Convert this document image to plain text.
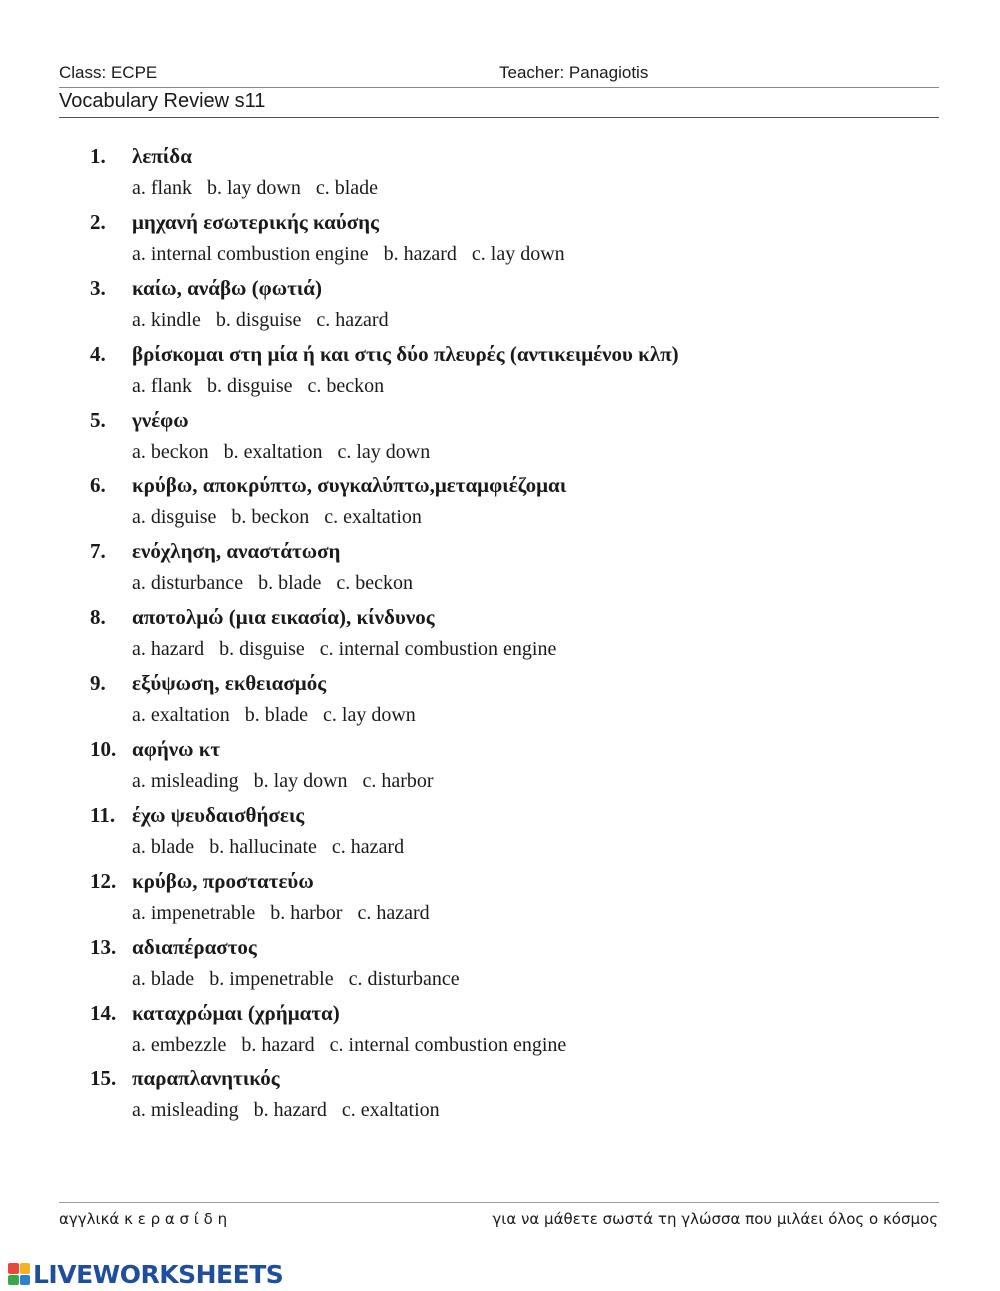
Class: ECPE	Teacher: Panagiotis
Vocabulary Review s11
1. λεπίδα
a. flank   b. lay down   c. blade
2. μηχανή εσωτερικής καύσης
a. internal combustion engine   b. hazard   c. lay down
3. καίω, ανάβω (φωτιά)
a. kindle   b. disguise   c. hazard
4. βρίσκομαι στη μία ή και στις δύο πλευρές (αντικειμένου κλπ)
a. flank   b. disguise   c. beckon
5. γνέφω
a. beckon   b. exaltation   c. lay down
6. κρύβω, αποκρύπτω, συγκαλύπτω,μεταμφιέζομαι
a. disguise   b. beckon   c. exaltation
7. ενόχληση, αναστάτωση
a. disturbance   b. blade   c. beckon
8. αποτολμώ (μια εικασία), κίνδυνος
a. hazard   b. disguise   c. internal combustion engine
9. εξύψωση, εκθειασμός
a. exaltation   b. blade   c. lay down
10. αφήνω κτ
a. misleading   b. lay down   c. harbor
11. έχω ψευδαισθήσεις
a. blade   b. hallucinate   c. hazard
12. κρύβω, προστατεύω
a. impenetrable   b. harbor   c. hazard
13. αδιαπέραστος
a. blade   b. impenetrable   c. disturbance
14. καταχρώμαι (χρήματα)
a. embezzle   b. hazard   c. internal combustion engine
15. παραπλανητικός
a. misleading   b. hazard   c. exaltation
αγγλικά κ ε ρ α σ ί δ η	για να μάθετε σωστά τη γλώσσα που μιλάει όλος ο κόσμος
LIVEWORKSHEETS
